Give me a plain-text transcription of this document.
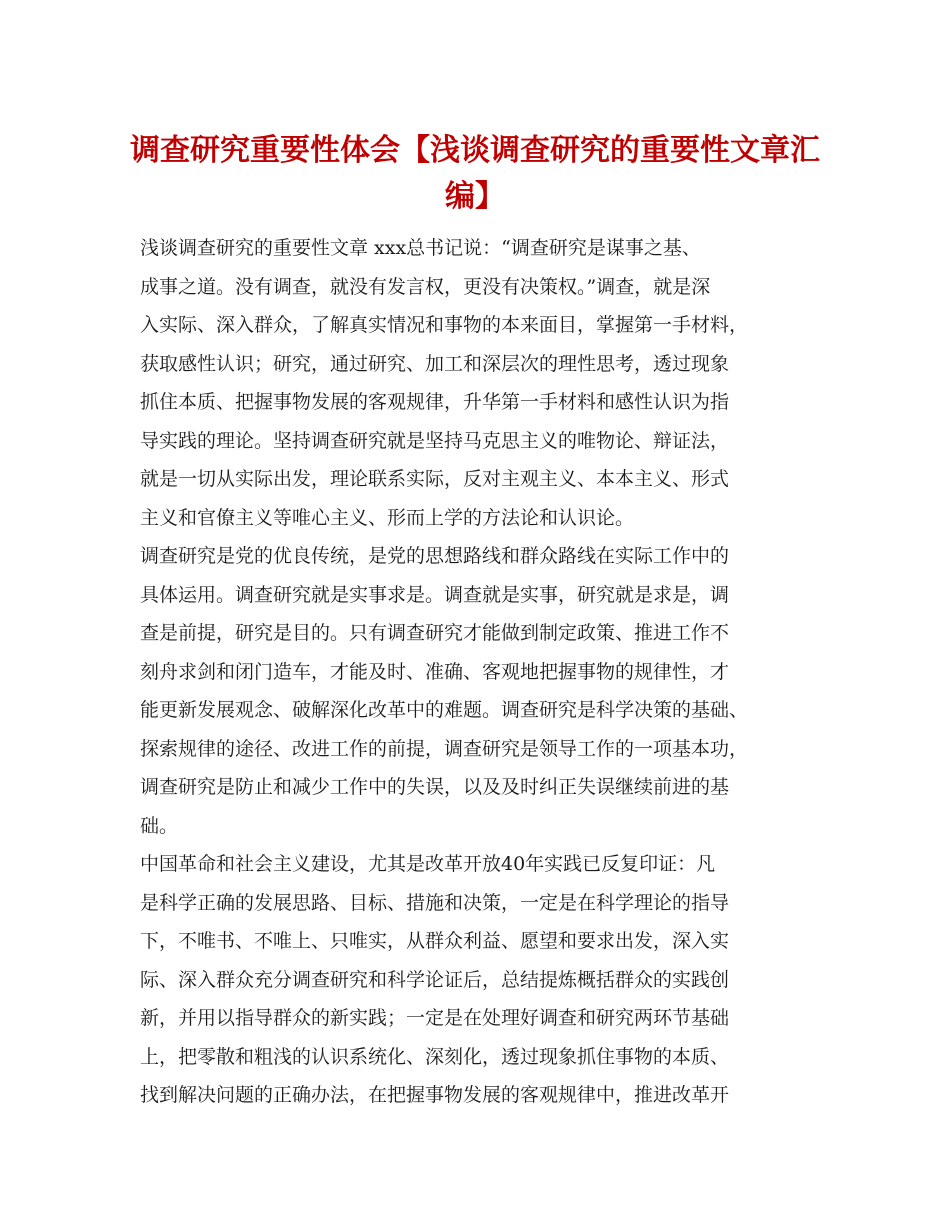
调查研究重要性体会【浅谈调查研究的重要性文章汇
编】

浅谈调查研究的重要性文章 xxx总书记说：“调查研究是谋事之基、

成事之道。没有调查，就没有发言权，更没有决策权。”调查，就是深

入实际、深入群众，了解真实情况和事物的本来面目，掌握第一手材料，

获取感性认识；研究，通过研究、加工和深层次的理性思考，透过现象

抓住本质、把握事物发展的客观规律，升华第一手材料和感性认识为指

导实践的理论。坚持调查研究就是坚持马克思主义的唯物论、辩证法，

就是一切从实际出发，理论联系实际，反对主观主义、本本主义、形式

主义和官僚主义等唯心主义、形而上学的方法论和认识论。

调查研究是党的优良传统，是党的思想路线和群众路线在实际工作中的

具体运用。调查研究就是实事求是。调查就是实事，研究就是求是，调

查是前提，研究是目的。只有调查研究才能做到制定政策、推进工作不

刻舟求剑和闭门造车，才能及时、准确、客观地把握事物的规律性，才

能更新发展观念、破解深化改革中的难题。调查研究是科学决策的基础、

探索规律的途径、改进工作的前提，调查研究是领导工作的一项基本功，

调查研究是防止和减少工作中的失误，以及及时纠正失误继续前进的基

础。

中国革命和社会主义建设，尤其是改革开放40年实践已反复印证：凡

是科学正确的发展思路、目标、措施和决策，一定是在科学理论的指导

下，不唯书、不唯上、只唯实，从群众利益、愿望和要求出发，深入实

际、深入群众充分调查研究和科学论证后，总结提炼概括群众的实践创

新，并用以指导群众的新实践；一定是在处理好调查和研究两环节基础

上，把零散和粗浅的认识系统化、深刻化，透过现象抓住事物的本质、

找到解决问题的正确办法，在把握事物发展的客观规律中，推进改革开
